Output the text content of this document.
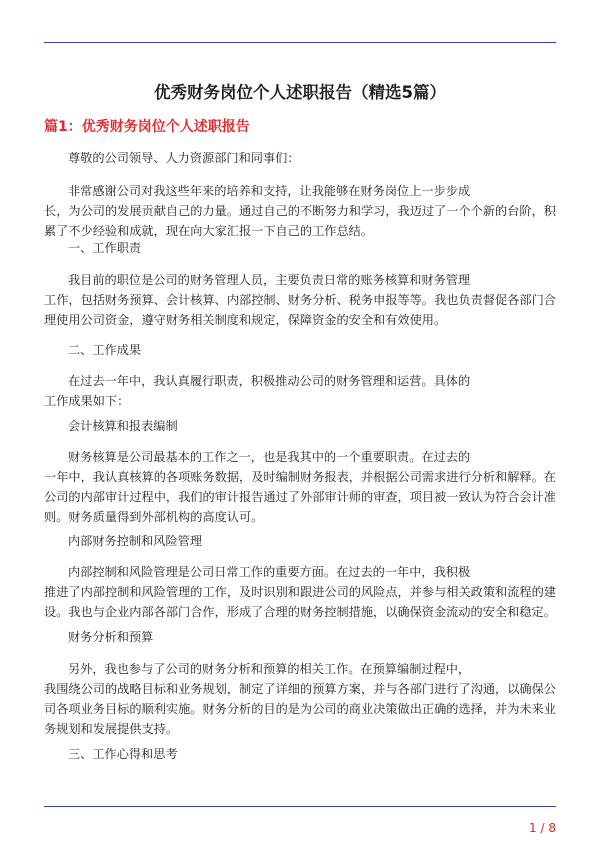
优秀财务岗位个人述职报告（精选5篇）
篇1：优秀财务岗位个人述职报告
尊敬的公司领导、人力资源部门和同事们：
非常感谢公司对我这些年来的培养和支持，让我能够在财务岗位上一步步成
长，为公司的发展贡献自己的力量。通过自己的不断努力和学习，我迈过了一个个新的台阶，积
累了不少经验和成就，现在向大家汇报一下自己的工作总结。
一、工作职责
我目前的职位是公司的财务管理人员，主要负责日常的账务核算和财务管理
工作，包括财务预算、会计核算、内部控制、财务分析、税务申报等等。我也负责督促各部门合
理使用公司资金，遵守财务相关制度和规定，保障资金的安全和有效使用。
二、工作成果
在过去一年中，我认真履行职责，积极推动公司的财务管理和运营。具体的
工作成果如下：
会计核算和报表编制
财务核算是公司最基本的工作之一，也是我其中的一个重要职责。在过去的
一年中，我认真核算的各项账务数据，及时编制财务报表，并根据公司需求进行分析和解释。在
公司的内部审计过程中，我们的审计报告通过了外部审计师的审查，项目被一致认为符合会计准
则。财务质量得到外部机构的高度认可。
内部财务控制和风险管理
内部控制和风险管理是公司日常工作的重要方面。在过去的一年中，我积极
推进了内部控制和风险管理的工作，及时识别和跟进公司的风险点，并参与相关政策和流程的建
设。我也与企业内部各部门合作，形成了合理的财务控制措施，以确保资金流动的安全和稳定。
财务分析和预算
另外，我也参与了公司的财务分析和预算的相关工作。在预算编制过程中，
我围绕公司的战略目标和业务规划，制定了详细的预算方案，并与各部门进行了沟通，以确保公
司各项业务目标的顺利实施。财务分析的目的是为公司的商业决策做出正确的选择，并为未来业
务规划和发展提供支持。
三、工作心得和思考
1 / 8
